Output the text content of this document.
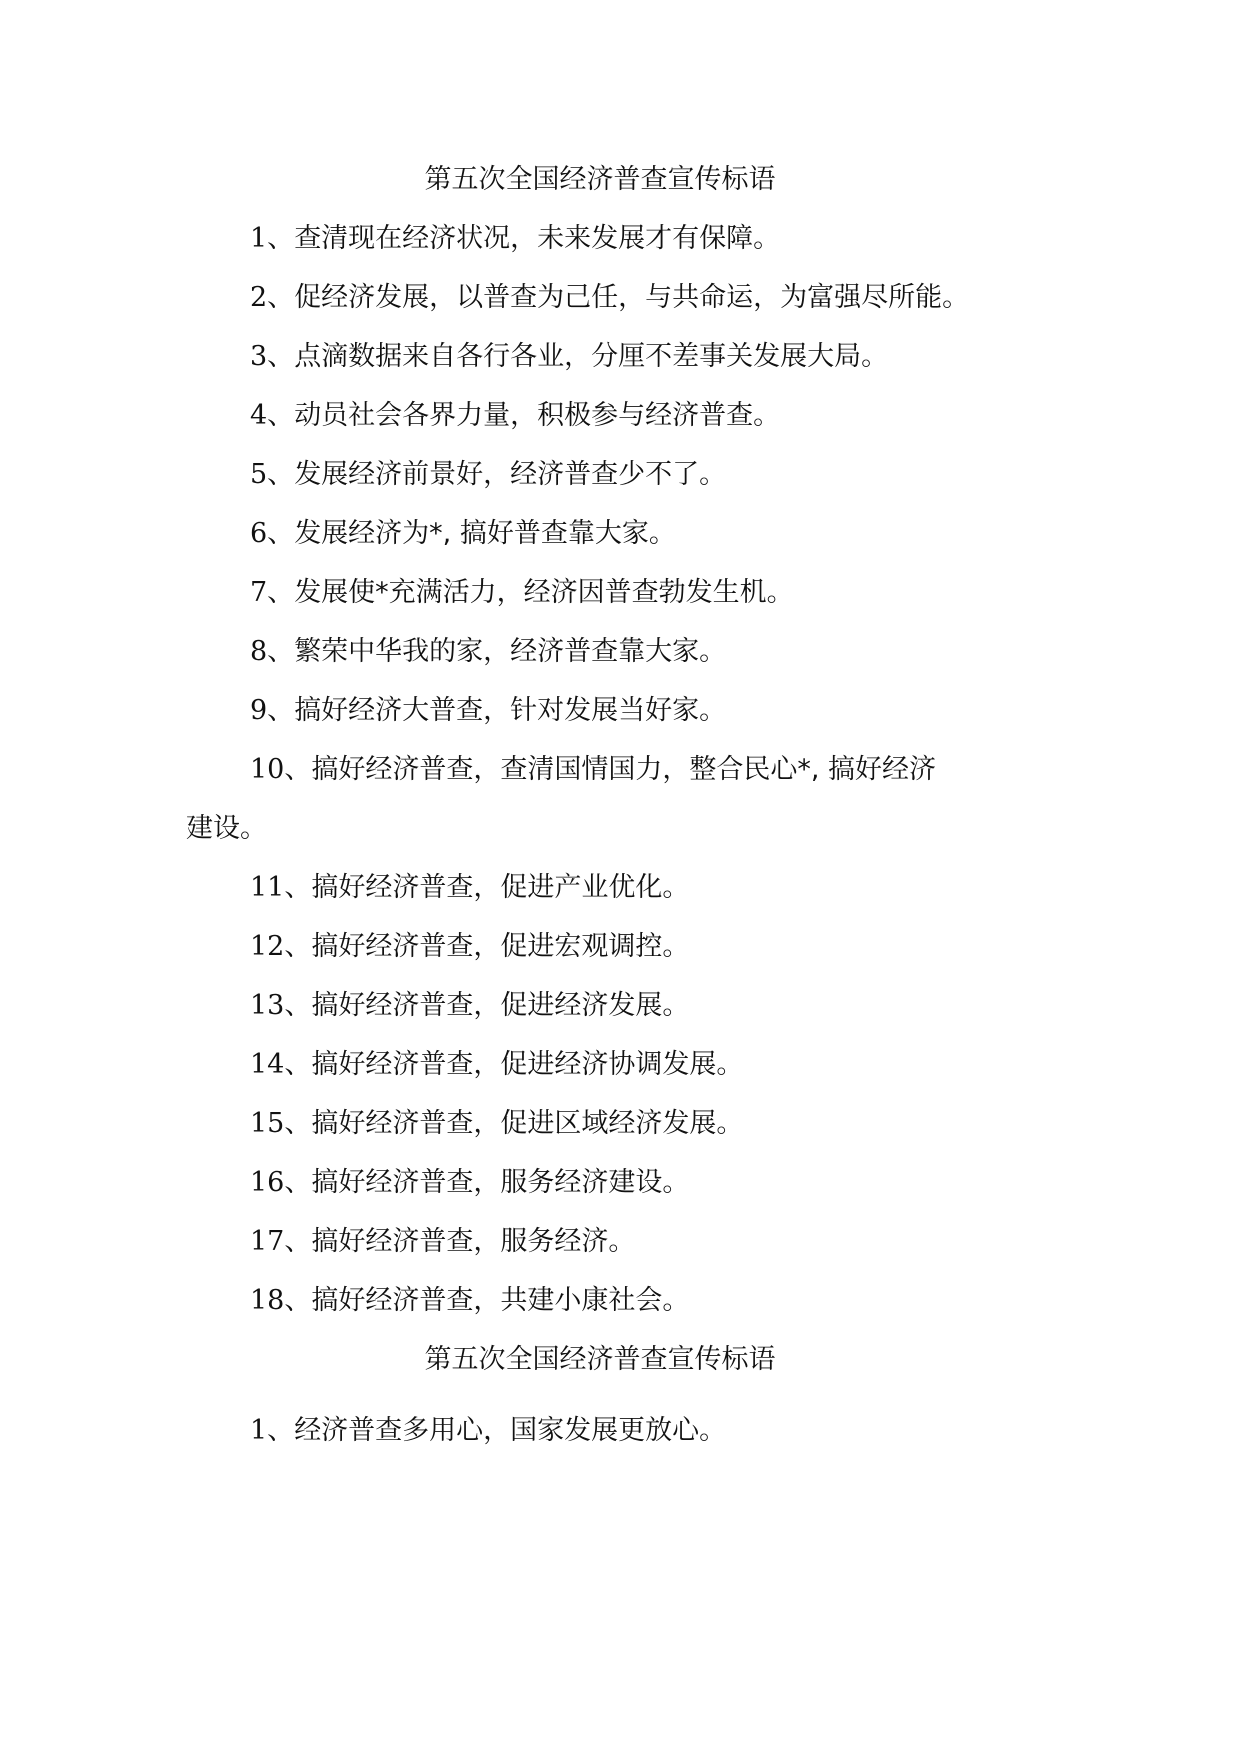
第五次全国经济普查宣传标语
1、查清现在经济状况，未来发展才有保障。
2、促经济发展，以普查为己任，与共命运，为富强尽所能。
3、点滴数据来自各行各业，分厘不差事关发展大局。
4、动员社会各界力量，积极参与经济普查。
5、发展经济前景好，经济普查少不了。
6、发展经济为*, 搞好普查靠大家。
7、发展使*充满活力，经济因普查勃发生机。
8、繁荣中华我的家，经济普查靠大家。
9、搞好经济大普查，针对发展当好家。
10、搞好经济普查，查清国情国力，整合民心*, 搞好经济
建设。
11、搞好经济普查，促进产业优化。
12、搞好经济普查，促进宏观调控。
13、搞好经济普查，促进经济发展。
14、搞好经济普查，促进经济协调发展。
15、搞好经济普查，促进区域经济发展。
16、搞好经济普查，服务经济建设。
17、搞好经济普查，服务经济。
18、搞好经济普查，共建小康社会。
第五次全国经济普查宣传标语
1、经济普查多用心，国家发展更放心。
